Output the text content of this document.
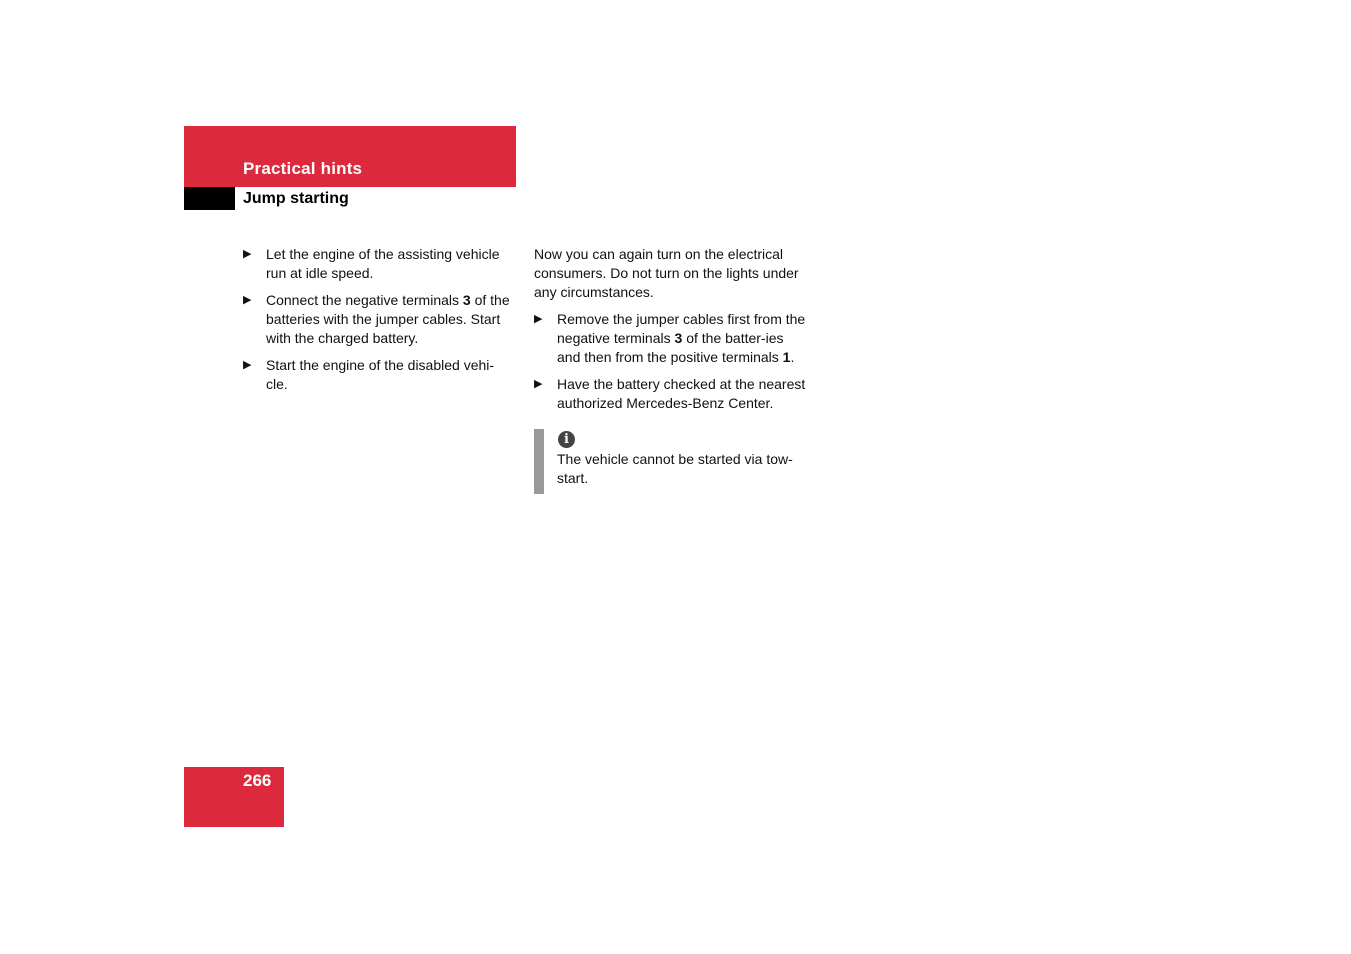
Practical hints
Jump starting
▶ Let the engine of the assisting vehicle run at idle speed.
▶ Connect the negative terminals 3 of the batteries with the jumper cables. Start with the charged battery.
▶ Start the engine of the disabled vehi-cle.
Now you can again turn on the electrical consumers. Do not turn on the lights under any circumstances.
▶ Remove the jumper cables first from the negative terminals 3 of the batter-ies and then from the positive terminals 1.
▶ Have the battery checked at the nearest authorized Mercedes-Benz Center.
i
The vehicle cannot be started via tow-start.
266
